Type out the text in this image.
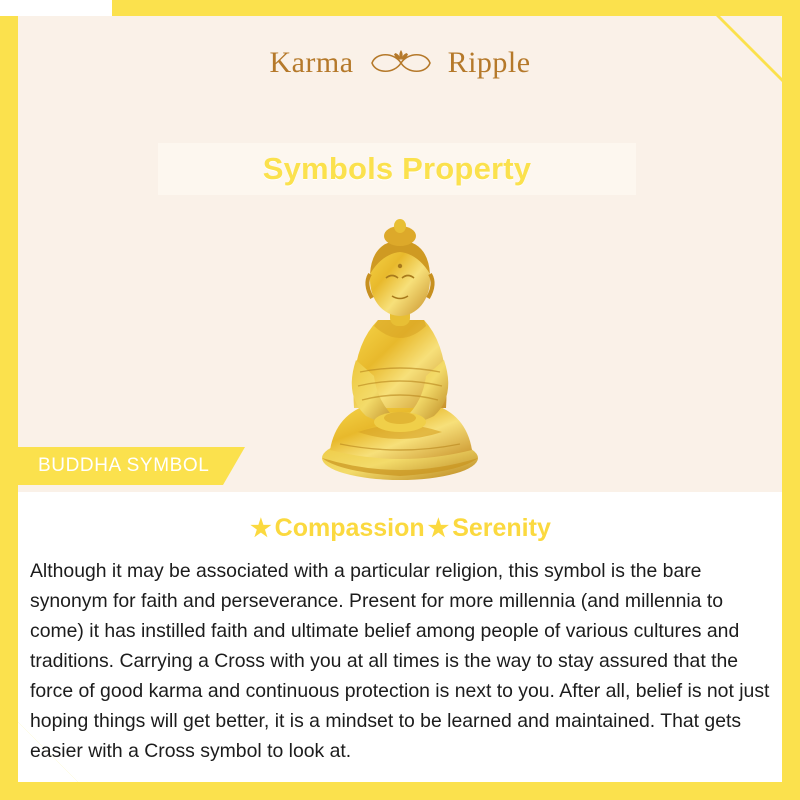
Karma	Ripple
Symbols Property
BUDDHA SYMBOL
★ Compassion ★ Serenity
Although it may be associated with a particular religion, this symbol is the bare synonym for faith and perseverance. Present for more millennia (and millennia to come) it has instilled faith and ultimate belief among people of various cultures and traditions. Carrying a Cross with you at all times is the way to stay assured that the force of good karma and continuous protection is next to you. After all, belief is not just hoping things will get better, it is a mindset to be learned and maintained. That gets easier with a Cross symbol to look at.
